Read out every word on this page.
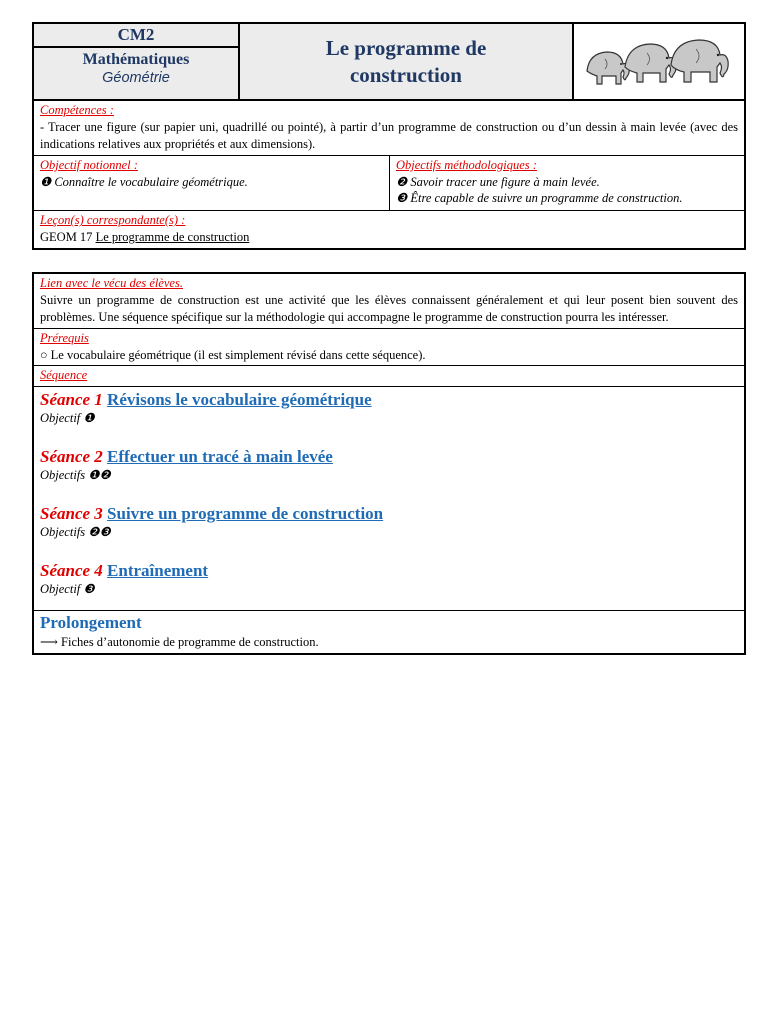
CM2
Mathématiques
Géométrie
Le programme de
construction
Compétences :
- Tracer une figure (sur papier uni, quadrillé ou pointé), à partir d’un programme de construction ou d’un dessin à main levée (avec des indications relatives aux propriétés et aux dimensions).
Objectif notionnel :
❶ Connaître le vocabulaire géométrique.
Objectifs méthodologiques :
❷ Savoir tracer une figure à main levée.
❸ Être capable de suivre un programme de construction.
Leçon(s) correspondante(s) :
GEOM 17 Le programme de construction
Lien avec le vécu des élèves.
Suivre un programme de construction est une activité que les élèves connaissent généralement et qui leur posent bien souvent des problèmes. Une séquence spécifique sur la méthodologie qui accompagne le programme de construction pourra les intéresser.
Prérequis
○ Le vocabulaire géométrique (il est simplement révisé dans cette séquence).
Séquence
Séance 1 Révisons le vocabulaire géométrique
Objectif ❶
Séance 2 Effectuer un tracé à main levée
Objectifs ❶❷
Séance 3 Suivre un programme de construction
Objectifs ❷❸
Séance 4 Entraînement
Objectif ❸
Prolongement
⟶ Fiches d’autonomie de programme de construction.
